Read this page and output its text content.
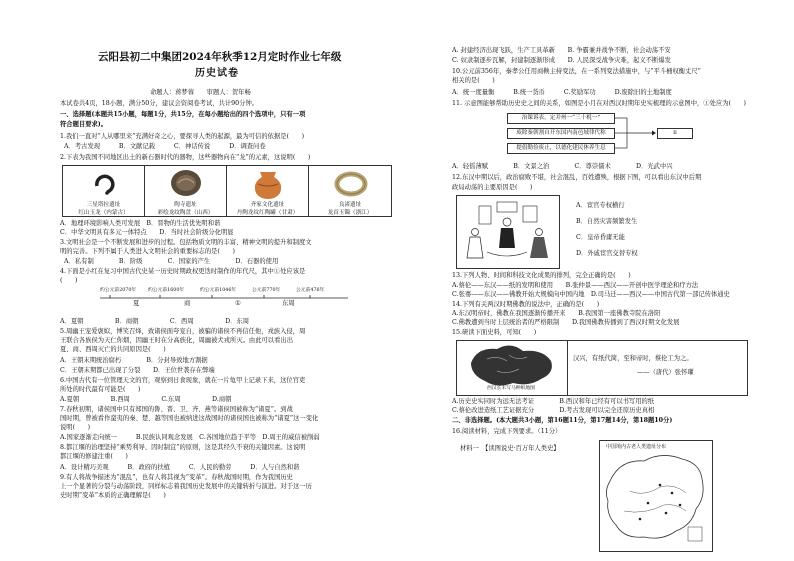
云阳县初二中集团2024年秋季12月定时作业七年级
历史试卷
命题人：蒋梦蓉　　审题人：贺年畅
本试卷共4页，18小题，满分50分，建议会资阅卷考试，共计90分钟。
一、选择题(本题共15小题，每题1分，共15分，在每小题给出的四个选项中，只有一项
符合题目要求)。
1.我们一直对“人从哪里来”充满好奇之心，要探寻人类的起源，最为可信的依据是(　　)
A．考古发现　　　B．文献记载　　　C．神话传说　　　D．调查问卷
2.下表为我国不同地区出土的新石器时代的器物，这些器物向在“龙”的元素，这说明(　　)
三星塔拉遗址
红山玉龙（内蒙古）
陶寺遗址
彩绘龙纹陶盘（山西）
齐家文化遗址
丹陶龙纹红陶罐（甘肃）
良渚遗址
龙首玉镯（浙江）
A．地理环境影响人类可发展　B．晋物的生活优先明和谐
C．中华文明具有多元一体特点　　D．当时社会阶级分化明显
3.文明社会是一个不断发展和进步的过程。包括物质文明的丰富、精神文明的提升和制度文
明的完善。下列不属于人类进入文明社会的重要标志的是(　　)
A．私有制　　　　B．阶级　　　　C．国家的产生　　　　D．石器的使用
4.下面是小红在复习中国古代史某一历史时期政权更迭时制作的年代尺，其中①处应该是
(　　)
约公元前2070年 约公元前1600年	约公元前1046年	公元前770年	公元前476年
夏	商	①	东周
A．夏朝　　　　　B．商朝　　　　　C．西周　　　　　D．东周
5.周幽王宠爱褒姒，博笑召烽，致诸侯面夸宠自，被骗的诸侯不再信任他，戎族入侵，周
王联合各族侯为天仁你烟，因幽王时在分高族化，周幽被犬戎所灭。由此可以看出出
夏、商、西周灭亡的共同原因是(　　)
A．王朝末期统治腐朽　　　　B．分封导致地方割据
C．王朝末期都已出现了分裂　　D．王位世袭存在弊端
6.中国古代有一位管理天文的官，观察到日食现象，就在一片龟甲上记录下来，这位官吏
所处的时代最有可能是(　　)
A.夏朝　　　　　B.西周　　　　　C.东周　　　　　D.商朝
7.春秋初期，诸侯国中只有郑国的鲁、晋、卫、齐、燕等诸侯国被称为“诸夏”。到战
国时期，曾被看作蛮夷的秦、楚、越等国也被纳进这战国时的诸侯国也被称为“诸夏”这一变化
说明(　　)
A.国家逐渐走向统一　　　B.民族认同观念发展　C.各国地位趋于平等　D.周王的威信被削弱
8.都江堰的治理坚持“乘势利导、因时制宜”的原则，这是其经久不衰的关键因素。这说明
都江堰的修建注重(　　)
A．设计精巧美观　　　B．政府的扶植　　　C．人民的勤劳　　　D．人与自然和谐
9.有人将战争描述为“混乱”，也有人将其视为“变革”。春秋战国时期，作为我国历史
上一个显著的分裂与动荡阶段，同样标志着我国历史发展中的关键转折与演进。对于这一历
史时期“变革”本质的正确理解是(　　)
A. 封建经济出现飞跃，生产工具革新　　B. 争霸兼并战争不断，社会动荡不安
C. 奴隶制逐步瓦解，封建制逐渐形成　　D. 人民深受战争灾难，起义不断爆发
10.公元前356年，秦孝公任用商鞅主持变法，在一系列变法措施中，与“平斗桶权衡丈尺”
相关的是(　　)
A．统一度量衡　　　B.统一货币　　　C.奖励军功　　　D.废除旧的土地制度
11. 示意图能够帮助历史史之间的关系，如图是小月在对西汉时期年史实梳理的示意图中，①处应为(　　)
治课诉表，定并州一“三十税一”
废除秦朝割自开东国内南邑域律代称
提倡勤俭废止，以德化建民休养生息
①
A．轻徭薄赋　　　　B．文景之治　　　　C．尊崇儒术　　　　D．光武中兴
12.东汉中期以后，政治腐败不堪，社会混乱，百姓遭殃，根据下图，可以看出东汉中后期
政局动荡的主要原因是(　　)
A．宦官专权横行
B．自然灾害频繁发生
C．皇帝昏庸无能
D．外戚宦官交替专权
13.下列人物、时间和科技文化成果的排列，完全正确的是(　　)
A.蔡伦——东汉——纸的发明和使用　　B.张仲景——西汉——开创中医学理论和疗方法
C.张骞——东汉——佛教开始大规模向中国内地　D.司马迁——西汉——中国古代第一部记传体通史
14.下列有关两汉时期佛教的说法中，正确的是(　　)
A.东汉明帝时，佛教在我国逐渐传播开来　　B.我国第一座佛教寺院在洛阳
C.佛教遭到当时上层统治者的严格限制　　D.我国佛教传播到了西汉时期文化发展
15.研读下面史料，可知(　　)
西汉长未写马种纸地图
汉兴，有纸代简，至和帝时，蔡伦工为之。
——（唐代）张怀瓘
A.历史史实同时为远无法考证　　　　B.西汉和年已经有可以书写用的纸
C.蔡伦改进造纸工艺证据充分　　　　D.考古发现可以完全还原历史真相
二、非选择题。(本大题共3小题，第16题11分，第17题14分，第18题10分)
16.阅读材料，完成下列要求。（11分）
材料一　【读图说史·百万年人类史】	中国境内古老人类遗址分布
